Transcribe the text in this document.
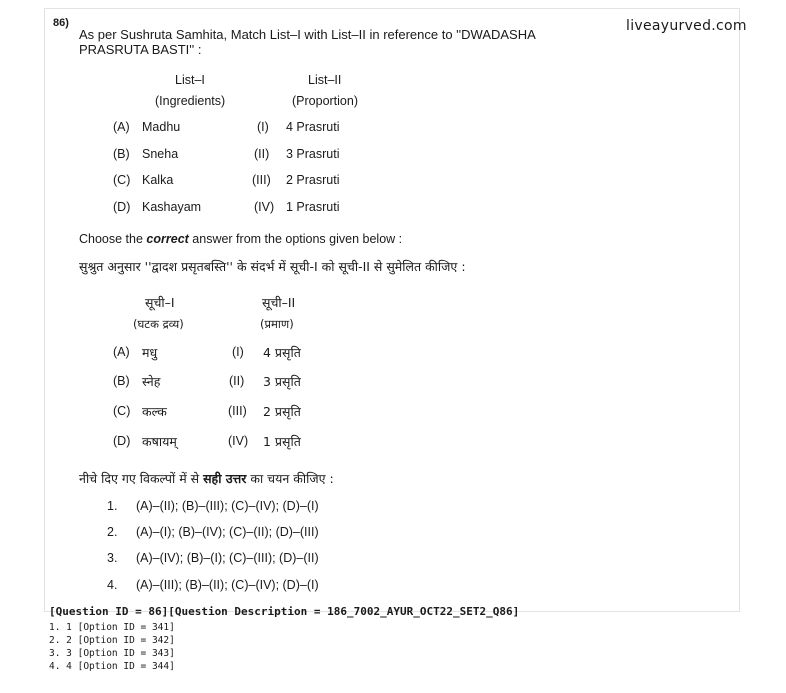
86)
As per Sushruta Samhita, Match List–I with List–II in reference to ''DWADASHA PRASRUTA BASTI'' :
liveayurved.com
List–I
(Ingredients)
List–II
(Proportion)
(A) Madhu	(I) 4 Prasruti
(B) Sneha	(II) 3 Prasruti
(C) Kalka	(III) 2 Prasruti
(D) Kashayam	(IV) 1 Prasruti
Choose the correct answer from the options given below :
सुश्रुत अनुसार ''द्वादश प्रसृतबस्ति'' के संदर्भ में सूची-I को सूची-II से सुमेलित कीजिए :
सूची–I
(घटक द्रव्य)
सूची–II
(प्रमाण)
(A) मधु	(I) 4 प्रसृति
(B) स्नेह	(II) 3 प्रसृति
(C) कल्क	(III) 2 प्रसृति
(D) कषायम्	(IV) 1 प्रसृति
नीचे दिए गए विकल्पों में से सही उत्तर का चयन कीजिए :
1. (A)–(II); (B)–(III); (C)–(IV); (D)–(I)
2. (A)–(I); (B)–(IV); (C)–(II); (D)–(III)
3. (A)–(IV); (B)–(I); (C)–(III); (D)–(II)
4. (A)–(III); (B)–(II); (C)–(IV); (D)–(I)
[Question ID = 86][Question Description = 186_7002_AYUR_OCT22_SET2_Q86]
1. 1 [Option ID = 341]
2. 2 [Option ID = 342]
3. 3 [Option ID = 343]
4. 4 [Option ID = 344]
